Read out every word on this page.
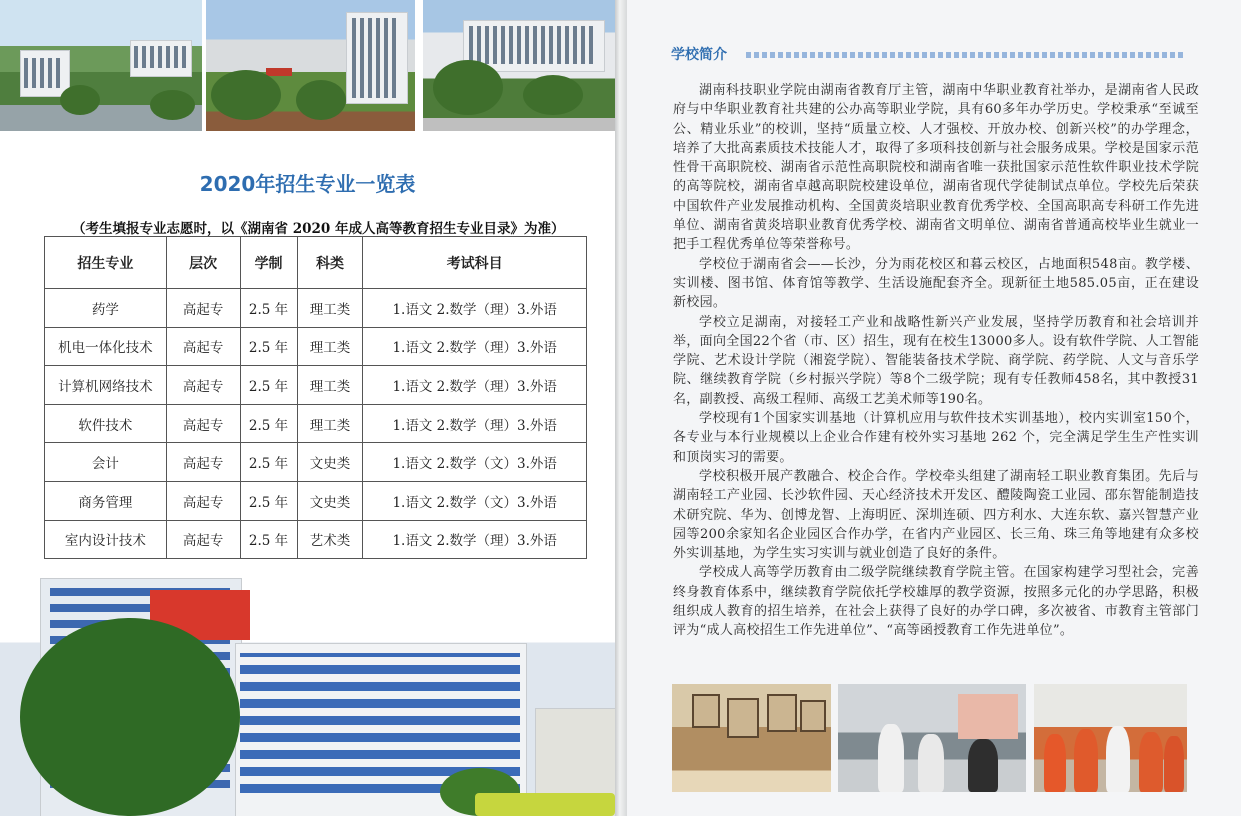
2020年招生专业一览表
（考生填报专业志愿时，以《湖南省 2020 年成人高等教育招生专业目录》为准）
招生专业	层次	学制	科类	考试科目
药学	高起专	2.5 年	理工类	1.语文 2.数学（理）3.外语
机电一体化技术	高起专	2.5 年	理工类	1.语文 2.数学（理）3.外语
计算机网络技术	高起专	2.5 年	理工类	1.语文 2.数学（理）3.外语
软件技术	高起专	2.5 年	理工类	1.语文 2.数学（理）3.外语
会计	高起专	2.5 年	文史类	1.语文 2.数学（文）3.外语
商务管理	高起专	2.5 年	文史类	1.语文 2.数学（文）3.外语
室内设计技术	高起专	2.5 年	艺术类	1.语文 2.数学（理）3.外语
学校简介

湖南科技职业学院由湖南省教育厅主管，湖南中华职业教育社举办，是湖南省人民政府与中华职业教育社共建的公办高等职业学院，具有60多年办学历史。学校秉承“至诚至公、精业乐业”的校训，坚持“质量立校、人才强校、开放办校、创新兴校”的办学理念，培养了大批高素质技术技能人才，取得了多项科技创新与社会服务成果。学校是国家示范性骨干高职院校、湖南省示范性高职院校和湖南省唯一获批国家示范性软件职业技术学院的高等院校，湖南省卓越高职院校建设单位，湖南省现代学徒制试点单位。学校先后荣获中国软件产业发展推动机构、全国黄炎培职业教育优秀学校、全国高职高专科研工作先进单位、湖南省黄炎培职业教育优秀学校、湖南省文明单位、湖南省普通高校毕业生就业一把手工程优秀单位等荣誉称号。

学校位于湖南省会——长沙，分为雨花校区和暮云校区，占地面积548亩。教学楼、实训楼、图书馆、体育馆等教学、生活设施配套齐全。现新征土地585.05亩，正在建设新校园。

学校立足湖南，对接轻工产业和战略性新兴产业发展，坚持学历教育和社会培训并举，面向全国22个省（市、区）招生，现有在校生13000多人。设有软件学院、人工智能学院、艺术设计学院（湘瓷学院）、智能装备技术学院、商学院、药学院、人文与音乐学院、继续教育学院（乡村振兴学院）等8个二级学院；现有专任教师458名，其中教授31名，副教授、高级工程师、高级工艺美术师等190名。

学校现有1个国家实训基地（计算机应用与软件技术实训基地），校内实训室150个，各专业与本行业规模以上企业合作建有校外实习基地 262 个，完全满足学生生产性实训和顶岗实习的需要。

学校积极开展产教融合、校企合作。学校牵头组建了湖南轻工职业教育集团。先后与湖南轻工产业园、长沙软件园、天心经济技术开发区、醴陵陶瓷工业园、邵东智能制造技术研究院、华为、创博龙智、上海明匠、深圳连硕、四方利水、大连东软、嘉兴智慧产业园等200余家知名企业园区合作办学，在省内产业园区、长三角、珠三角等地建有众多校外实训基地，为学生实习实训与就业创造了良好的条件。

学校成人高等学历教育由二级学院继续教育学院主管。在国家构建学习型社会，完善终身教育体系中，继续教育学院依托学校雄厚的教学资源，按照多元化的办学思路，积极组织成人教育的招生培养，在社会上获得了良好的办学口碑，多次被省、市教育主管部门评为“成人高校招生工作先进单位”、“高等函授教育工作先进单位”。
